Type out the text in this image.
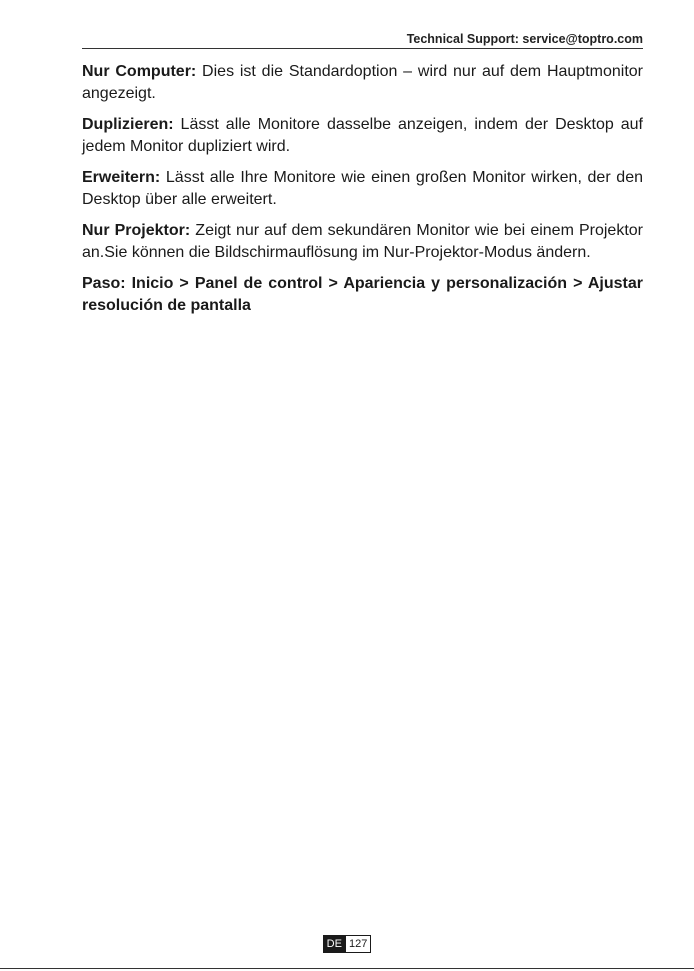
Technical Support: service@toptro.com

Nur Computer: Dies ist die Standardoption – wird nur auf dem Hauptmonitor angezeigt.

Duplizieren: Lässt alle Monitore dasselbe anzeigen, indem der Desktop auf jedem Monitor dupliziert wird.

Erweitern: Lässt alle Ihre Monitore wie einen großen Monitor wirken, der den Desktop über alle erweitert.

Nur Projektor: Zeigt nur auf dem sekundären Monitor wie bei einem Projektor an.Sie können die Bildschirmauflösung im Nur-Projektor-Modus ändern.

Paso: Inicio > Panel de control > Apariencia y personalización > Ajustar resolución de pantalla

DE 127
